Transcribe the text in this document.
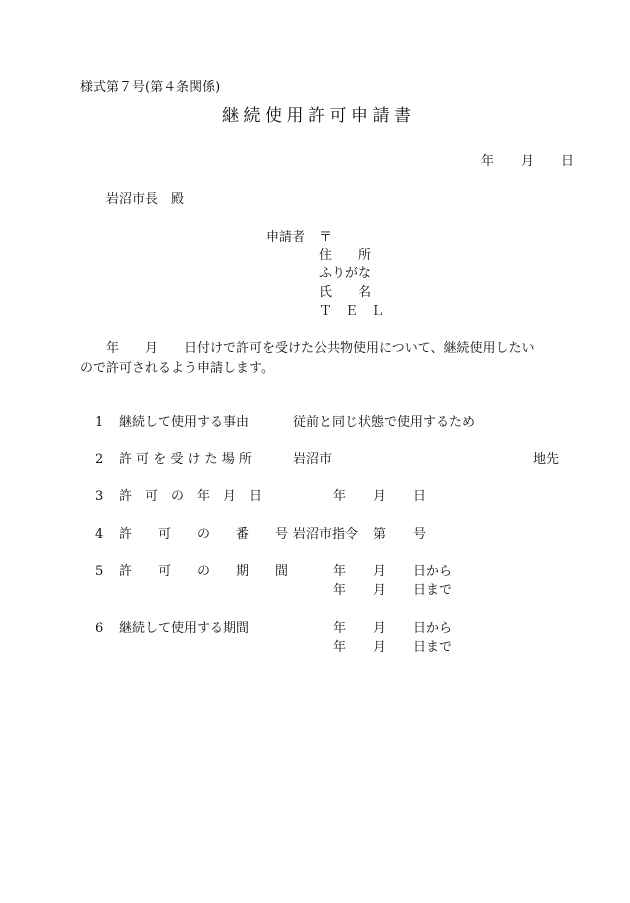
様式第７号(第４条関係)
継続使用許可申請書
年 月 日
岩沼市長　殿
申請者 〒
住　　所
ふりがな
氏　　名
Ｔ　Ｅ　Ｌ
　　年　　月　　日付けで許可を受けた公共物使用について、継続使用したい
ので許可されるよう申請します。
1 継続して使用する事由	従前と同じ状態で使用するため
2 許 可 を 受 け た 場 所	岩沼市	地先
3 許　可　の　年　月　日	年 月 日
4 許　　可　　の　　番　　号 岩沼市指令 第 号
5 許　　可　　の　　期　　間	年 月 日から
年 月 日まで
6 継続して使用する期間	年 月 日から
年 月 日まで
